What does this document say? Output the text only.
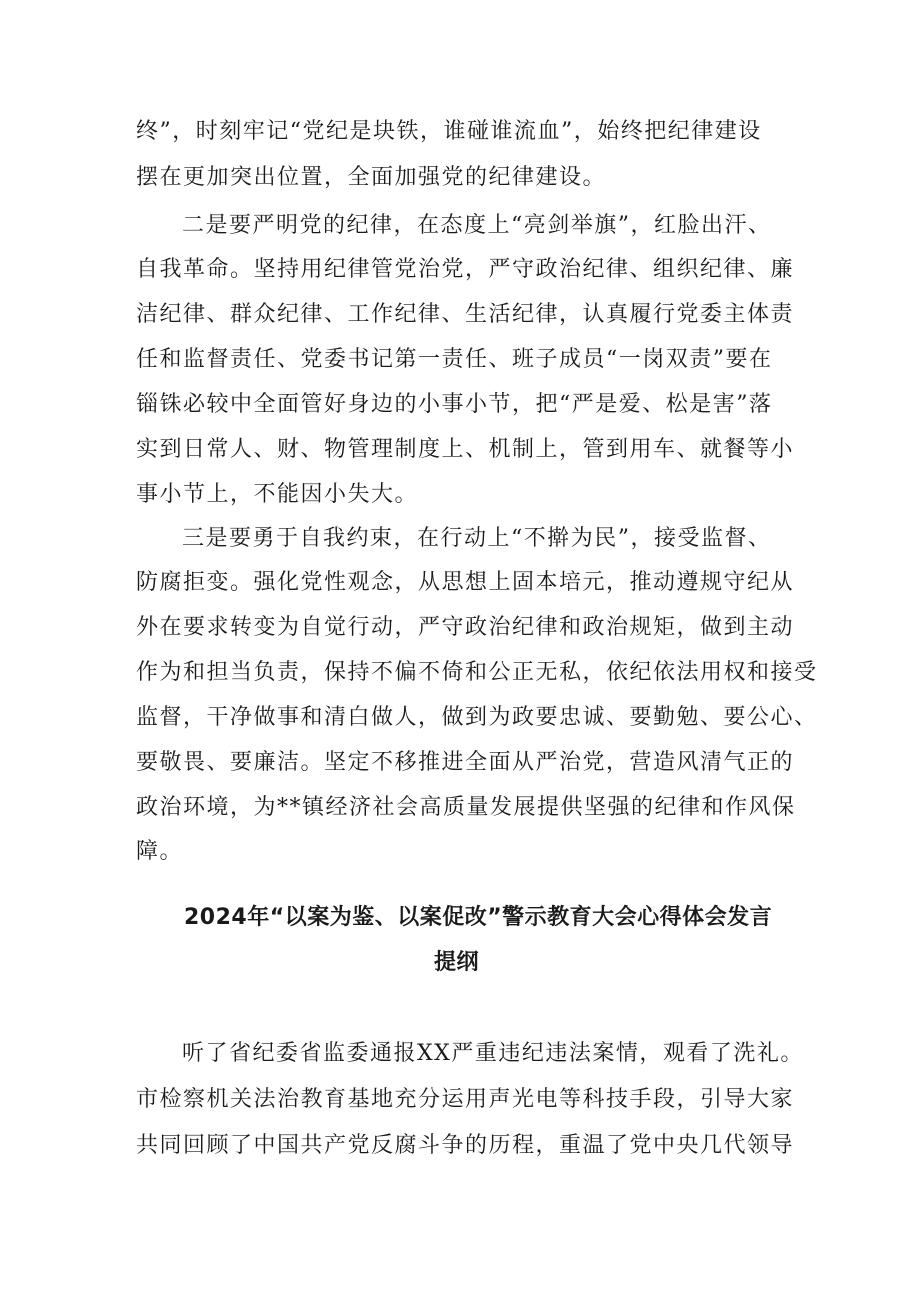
终”，时刻牢记“党纪是块铁，谁碰谁流血”，始终把纪律建设
摆在更加突出位置，全面加强党的纪律建设。
二是要严明党的纪律，在态度上“亮剑举旗”，红脸出汗、
自我革命。坚持用纪律管党治党，严守政治纪律、组织纪律、廉
洁纪律、群众纪律、工作纪律、生活纪律，认真履行党委主体责
任和监督责任、党委书记第一责任、班子成员“一岗双责”要在
锱铢必较中全面管好身边的小事小节，把“严是爱、松是害”落
实到日常人、财、物管理制度上、机制上，管到用车、就餐等小
事小节上，不能因小失大。
三是要勇于自我约束，在行动上“不擀为民”，接受监督、
防腐拒变。强化党性观念，从思想上固本培元，推动遵规守纪从
外在要求转变为自觉行动，严守政治纪律和政治规矩，做到主动
作为和担当负责，保持不偏不倚和公正无私，依纪依法用权和接受
监督，干净做事和清白做人，做到为政要忠诚、要勤勉、要公心、
要敬畏、要廉洁。坚定不移推进全面从严治党，营造风清气正的
政治环境，为**镇经济社会高质量发展提供坚强的纪律和作风保
障。
2024年“以案为鉴、以案促改”警示教育大会心得体会发言
提纲
听了省纪委省监委通报XX严重违纪违法案情，观看了洗礼。
市检察机关法治教育基地充分运用声光电等科技手段，引导大家
共同回顾了中国共产党反腐斗争的历程，重温了党中央几代领导
